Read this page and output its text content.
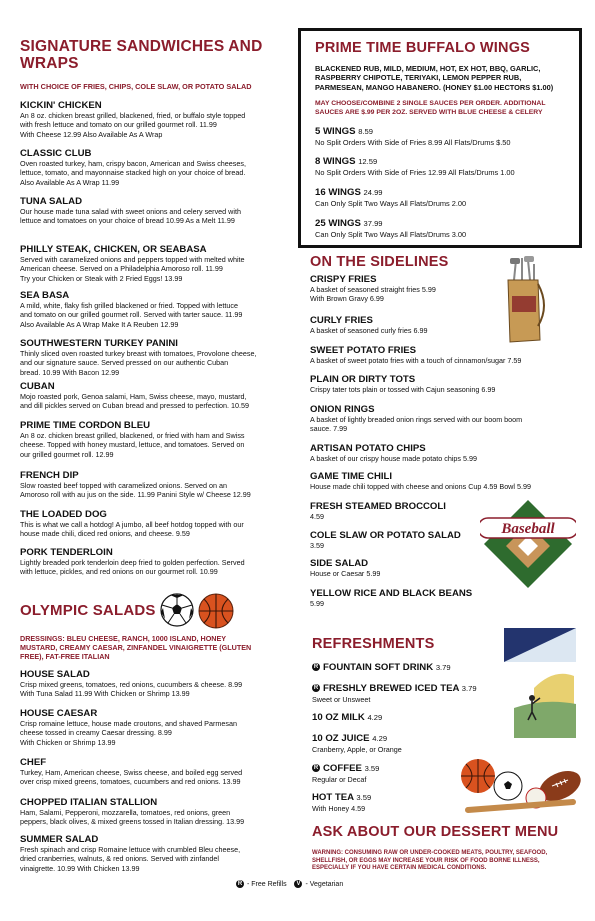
SIGNATURE SANDWICHES AND
WRAPS
WITH CHOICE OF FRIES, CHIPS, COLE SLAW, OR POTATO SALAD
KICKIN' CHICKEN
An 8 oz. chicken breast grilled, blackened, fried, or buffalo style topped
with fresh lettuce and tomato on our grilled gourmet roll. 11.99
With Cheese 12.99 Also Available As A Wrap
CLASSIC CLUB
Oven roasted turkey, ham, crispy bacon, American and Swiss cheeses,
lettuce, tomato, and mayonnaise stacked high on your choice of bread.
Also Available As A Wrap 11.99
TUNA SALAD
Our house made tuna salad with sweet onions and celery served with
lettuce and tomatoes on your choice of bread 10.99 As a Melt 11.99
PHILLY STEAK, CHICKEN, OR SEABASA
Served with caramelized onions and peppers topped with melted white
American cheese. Served on a Philadelphia Amoroso roll. 11.99
Try your Chicken or Steak with 2 Fried Eggs! 13.99
SEA BASA
A mild, white, flaky fish grilled blackened or fried. Topped with lettuce
and tomato on our grilled gourmet roll. Served with tarter sauce. 11.99
Also Available As A Wrap Make It A Reuben 12.99
SOUTHWESTERN TURKEY PANINI
Thinly sliced oven roasted turkey breast with tomatoes, Provolone cheese,
and our signature sauce. Served pressed on our authentic Cuban
bread. 10.99 With Bacon 12.99
CUBAN
Mojo roasted pork, Genoa salami, Ham, Swiss cheese, mayo, mustard,
and dill pickles served on Cuban bread and pressed to perfection. 10.59
PRIME TIME CORDON BLEU
An 8 oz. chicken breast grilled, blackened, or fried with ham and Swiss
cheese. Topped with honey mustard, lettuce, and tomatoes. Served on
our grilled gourmet roll. 12.99
FRENCH DIP
Slow roasted beef topped with caramelized onions. Served on an
Amoroso roll with au jus on the side. 11.99 Panini Style w/ Cheese 12.99
THE LOADED DOG
This is what we call a hotdog! A jumbo, all beef hotdog topped with our
house made chili, diced red onions, and cheese. 9.59
PORK TENDERLOIN
Lightly breaded pork tenderloin deep fried to golden perfection. Served
with lettuce, pickles, and red onions on our gourmet roll. 10.99
OLYMPIC SALADS
DRESSINGS: BLEU CHEESE, RANCH, 1000 ISLAND, HONEY
MUSTARD, CREAMY CAESAR, ZINFANDEL VINAIGRETTE (GLUTEN
FREE), FAT-FREE ITALIAN
HOUSE SALAD
Crisp mixed greens, tomatoes, red onions, cucumbers & cheese. 8.99
With Tuna Salad 11.99 With Chicken or Shrimp 13.99
HOUSE CAESAR
Crisp romaine lettuce, house made croutons, and shaved Parmesan
cheese tossed in creamy Caesar dressing. 8.99
With Chicken or Shrimp 13.99
CHEF
Turkey, Ham, American cheese, Swiss cheese, and boiled egg served
over crisp mixed greens, tomatoes, cucumbers and red onions. 13.99
CHOPPED ITALIAN STALLION
Ham, Salami, Pepperoni, mozzarella, tomatoes, red onions, green
peppers, black olives, & mixed greens tossed in Italian dressing. 13.99
SUMMER SALAD
Fresh spinach and crisp Romaine lettuce with crumbled Bleu cheese,
dried cranberries, walnuts, & red onions. Served with zinfandel
vinaigrette. 10.99 With Chicken 13.99
PRIME TIME BUFFALO WINGS
BLACKENED RUB, MILD, MEDIUM, HOT, EX HOT, BBQ, GARLIC,
RASPBERRY CHIPOTLE, TERIYAKI, LEMON PEPPER RUB,
PARMESEAN, MANGO HABANERO. (HONEY $1.00 HECTORS $1.00)
MAY CHOOSE/COMBINE 2 SINGLE SAUCES PER ORDER. ADDITIONAL
SAUCES ARE $.99 PER 2OZ. SERVED WITH BLUE CHEESE & CELERY
5 WINGS 8.59
No Split Orders With Side of Fries 8.99 All Flats/Drums $.50
8 WINGS 12.59
No Split Orders With Side of Fries 12.99 All Flats/Drums 1.00
16 WINGS 24.99
Can Only Split Two Ways All Flats/Drums 2.00
25 WINGS 37.99
Can Only Split Two Ways All Flats/Drums 3.00
ON THE SIDELINES
CRISPY FRIES
A basket of seasoned straight fries 5.99
With Brown Gravy 6.99
CURLY FRIES
A basket of seasoned curly fries 6.99
SWEET POTATO FRIES
A basket of sweet potato fries with a touch of cinnamon/sugar 7.59
PLAIN OR DIRTY TOTS
Crispy tater tots plain or tossed with Cajun seasoning 6.99
ONION RINGS
A basket of lightly breaded onion rings served with our boom boom
sauce. 7.99
ARTISAN POTATO CHIPS
A basket of our crispy house made potato chips 5.99
GAME TIME CHILI
House made chili topped with cheese and onions Cup 4.59 Bowl 5.99
FRESH STEAMED BROCCOLI
4.59
COLE SLAW OR POTATO SALAD
3.59
SIDE SALAD
House or Caesar 5.99
YELLOW RICE AND BLACK BEANS
5.99
Baseball
REFRESHMENTS
R FOUNTAIN SOFT DRINK 3.79
R FRESHLY BREWED ICED TEA 3.79
Sweet or Unsweet
10 OZ MILK 4.29
10 OZ JUICE 4.29
Cranberry, Apple, or Orange
R COFFEE 3.59
Regular or Decaf
HOT TEA 3.59
With Honey 4.59
ASK ABOUT OUR DESSERT MENU
WARNING: CONSUMING RAW OR UNDER-COOKED MEATS, POULTRY, SEAFOOD,
SHELLFISH, OR EGGS MAY INCREASE YOUR RISK OF FOOD BORNE ILLNESS,
ESPECIALLY IF YOU HAVE CERTAIN MEDICAL CONDITIONS.
R - Free Refills V - Vegetarian
